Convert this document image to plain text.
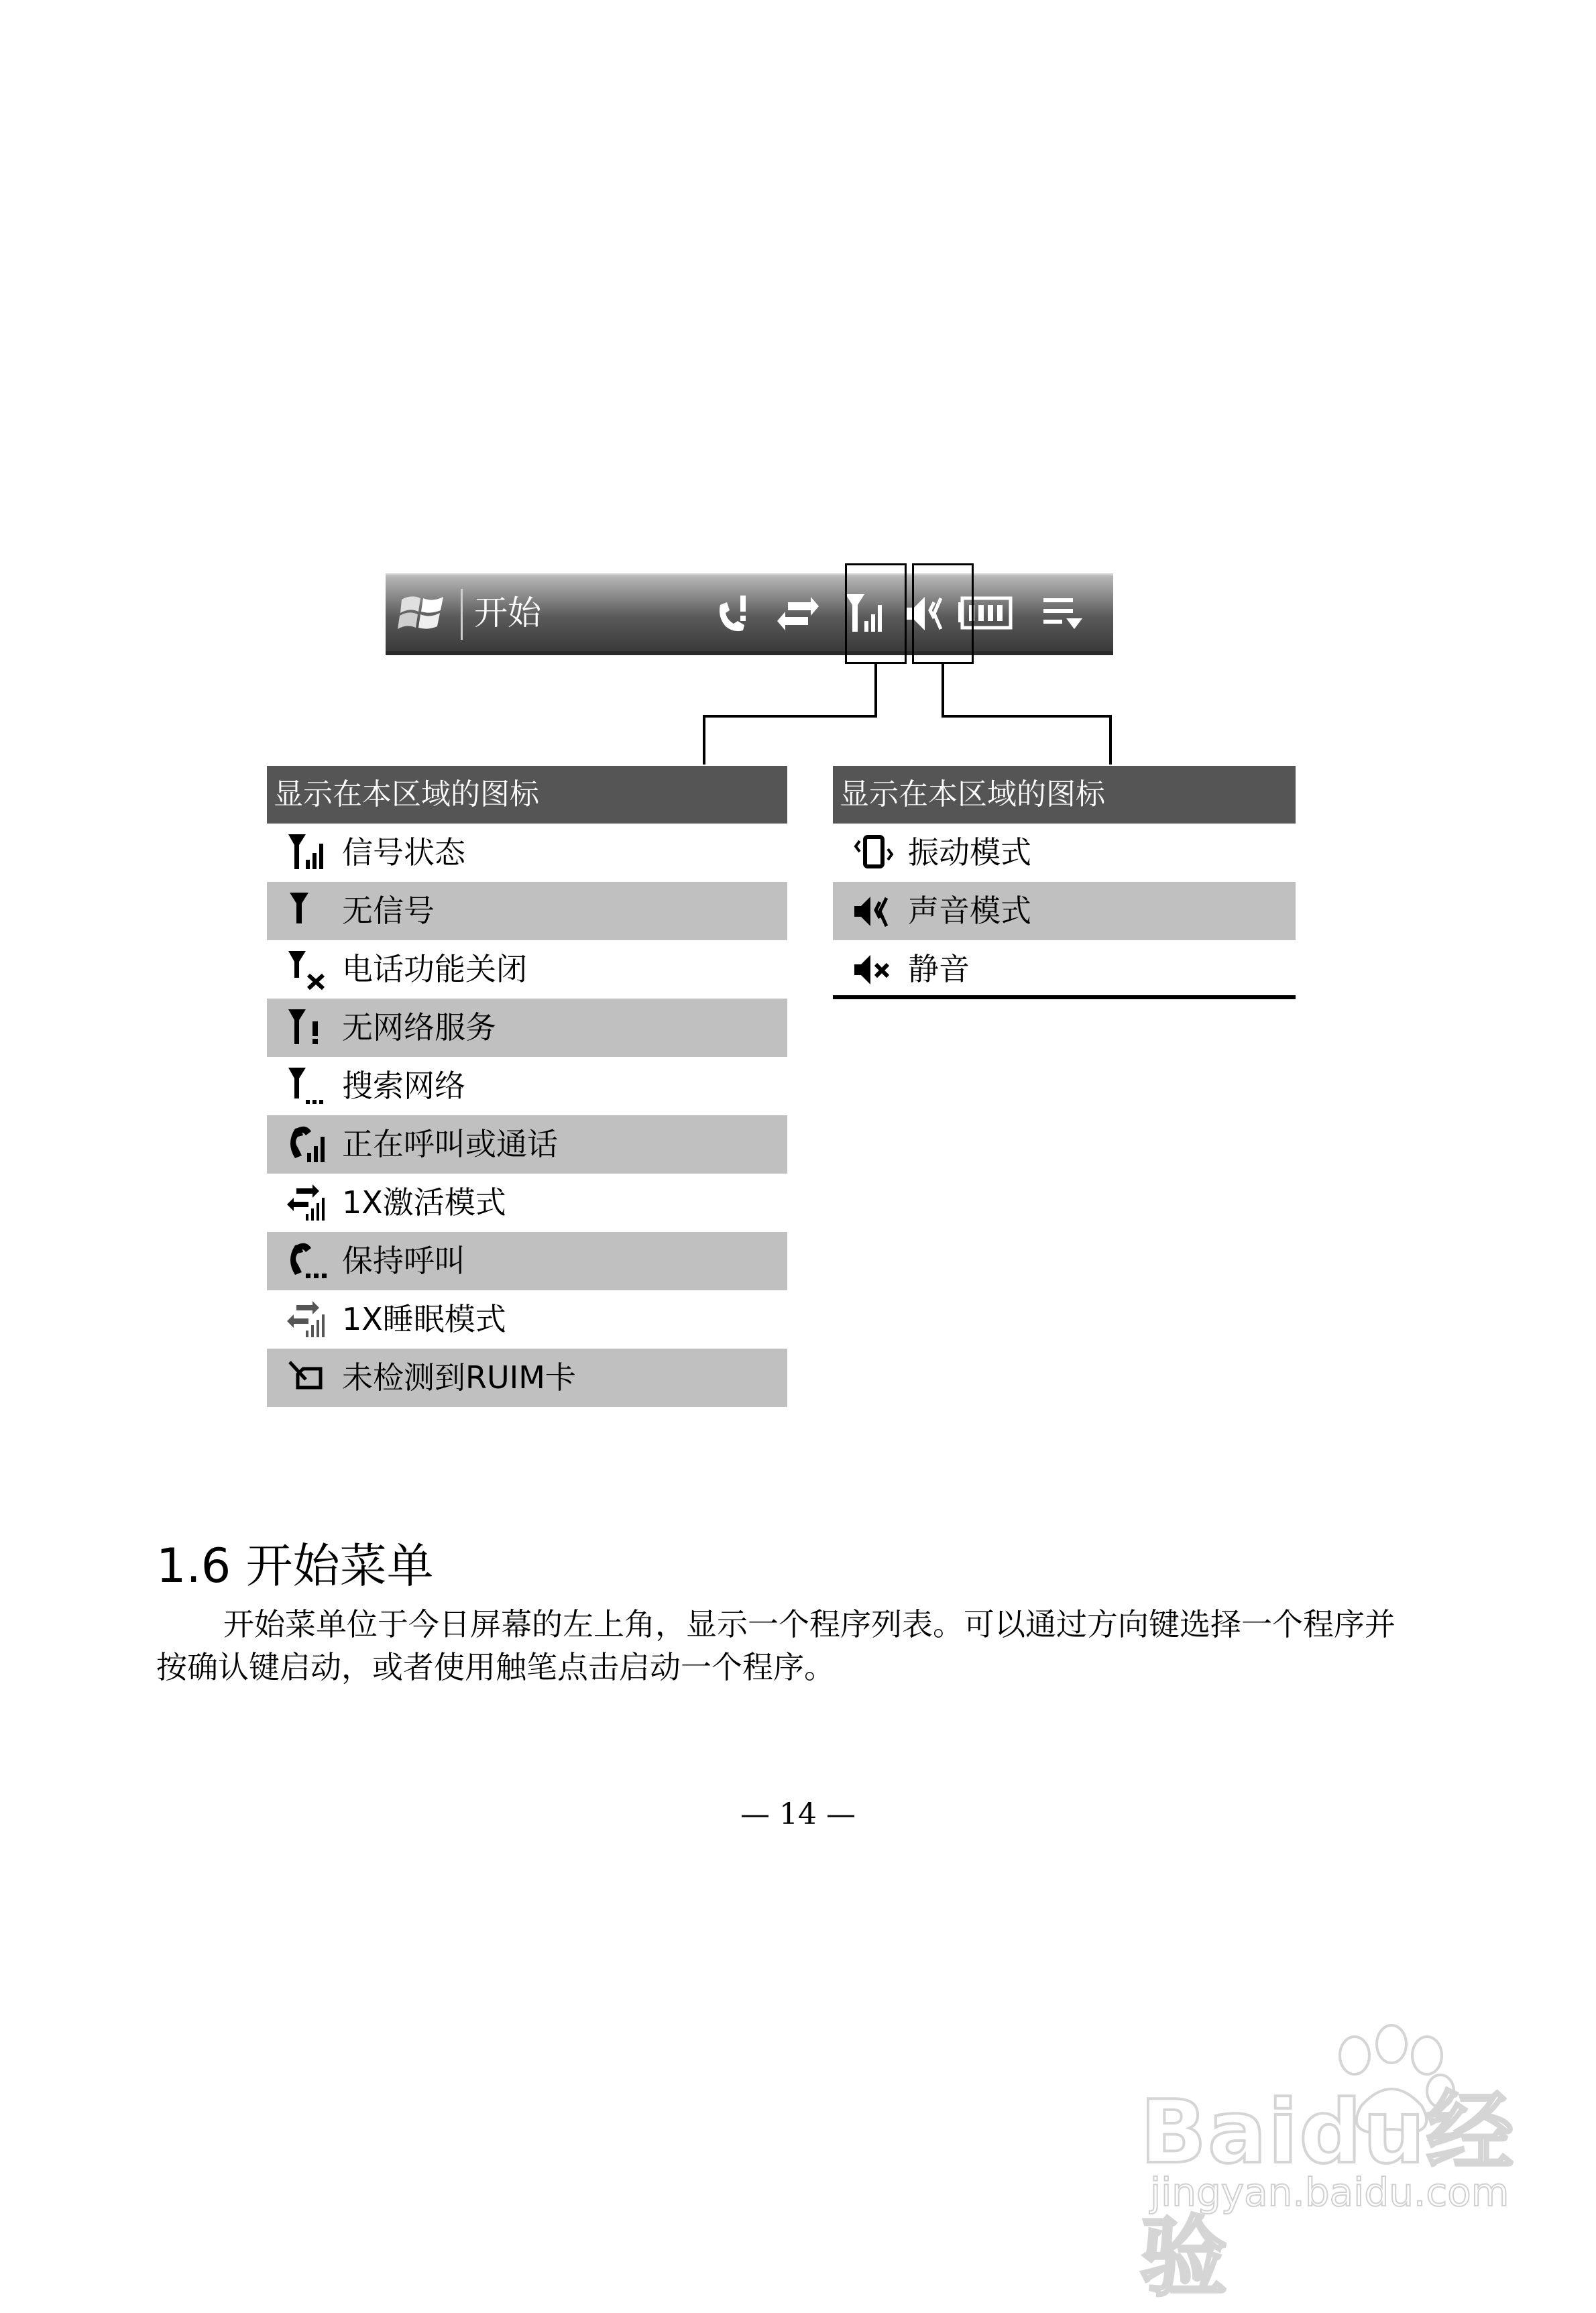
开始
显示在本区域的图标
信号状态
无信号
电话功能关闭
无网络服务
搜索网络
正在呼叫或通话
1X激活模式
保持呼叫
1X睡眠模式
未检测到RUIM卡
显示在本区域的图标
振动模式
声音模式
静音
1.6 开始菜单
开始菜单位于今日屏幕的左上角，显示一个程序列表。可以通过方向键选择一个程序并
按确认键启动，或者使用触笔点击启动一个程序。
— 14 —
Baidu经验
jingyan.baidu.com
